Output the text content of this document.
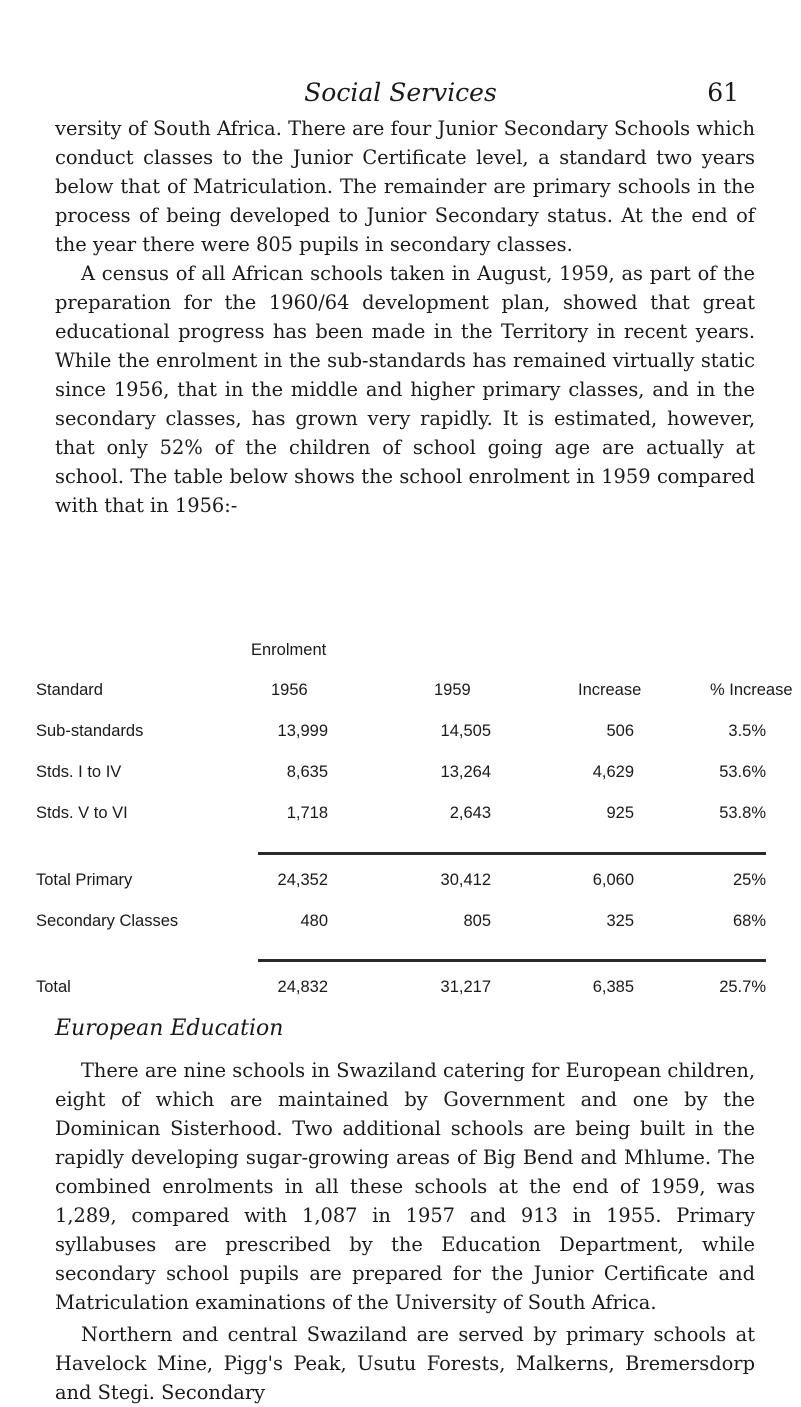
Social Services	61

versity of South Africa. There are four Junior Secondary Schools which conduct classes to the Junior Certificate level, a standard two years below that of Matriculation. The remainder are primary schools in the process of being developed to Junior Secondary status. At the end of the year there were 805 pupils in secondary classes.

A census of all African schools taken in August, 1959, as part of the preparation for the 1960/64 development plan, showed that great educational progress has been made in the Territory in recent years. While the enrolment in the sub-standards has remained virtually static since 1956, that in the middle and higher primary classes, and in the secondary classes, has grown very rapidly. It is estimated, however, that only 52% of the children of school going age are actually at school. The table below shows the school enrolment in 1959 compared with that in 1956:-

Enrolment
Standard	1956	1959	Increase	% Increase
Sub-standards	13,999	14,505	506	3.5%
Stds. I to IV	8,635	13,264	4,629	53.6%
Stds. V to VI	1,718	2,643	925	53.8%
Total Primary	24,352	30,412	6,060	25%
Secondary Classes	480	805	325	68%
Total	24,832	31,217	6,385	25.7%
European Education

There are nine schools in Swaziland catering for European children, eight of which are maintained by Government and one by the Dominican Sisterhood. Two additional schools are being built in the rapidly developing sugar-growing areas of Big Bend and Mhlume. The combined enrolments in all these schools at the end of 1959, was 1,289, compared with 1,087 in 1957 and 913 in 1955. Primary syllabuses are prescribed by the Education Department, while secondary school pupils are prepared for the Junior Certificate and Matriculation examinations of the University of South Africa.

Northern and central Swaziland are served by primary schools at Havelock Mine, Pigg's Peak, Usutu Forests, Malkerns, Bremersdorp and Stegi. Secondary
